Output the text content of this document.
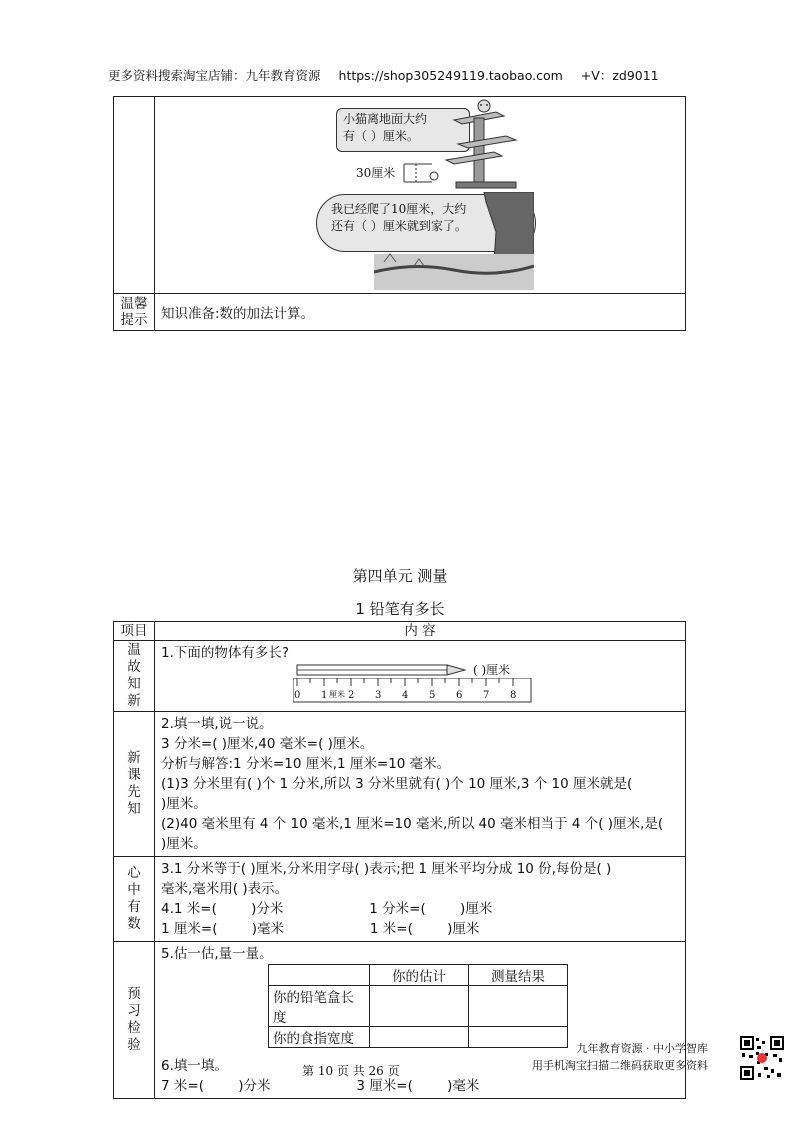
更多资料搜索淘宝店铺：九年教育资源 https://shop305249119.taobao.com +V：zd9011

	小猫离地面大约
有（ ）厘米。
30厘米
我已经爬了10厘米，大约
还有（ ）厘米就到家了。

温馨
提示	知识准备:数的加法计算。
第四单元 测量
1 铅笔有多长
项目	内 容

温
故
知
新

1.下面的物体有多长?
( )厘米
0 1 厘米 2 3 4 5 6 7 8

新
课
先
知

2.填一填,说一说。
3 分米=( )厘米,40 毫米=( )厘米。
分析与解答:1 分米=10 厘米,1 厘米=10 毫米。
(1)3 分米里有( )个 1 分米,所以 3 分米里就有( )个 10 厘米,3 个 10 厘米就是(
)厘米。
(2)40 毫米里有 4 个 10 毫米,1 厘米=10 毫米,所以 40 毫米相当于 4 个( )厘米,是(
)厘米。

心
中
有
数

3.1 分米等于( )厘米,分米用字母( )表示;把 1 厘米平均分成 10 份,每份是( )
毫米,毫米用( )表示。
4.1 米=(        )分米                    1 分米=(        )厘米
1 厘米=(        )毫米                    1 米=(        )厘米

预
习
检
验

5.估一估,量一量。
	你的估计	测量结果
你的铅笔盒长度		
你的食指宽度		
6.填一填。
7 米=(        )分米                    3 厘米=(        )毫米
九年教育资源 · 中小学智库
用手机淘宝扫描二维码获取更多资料
第 10 页 共 26 页
